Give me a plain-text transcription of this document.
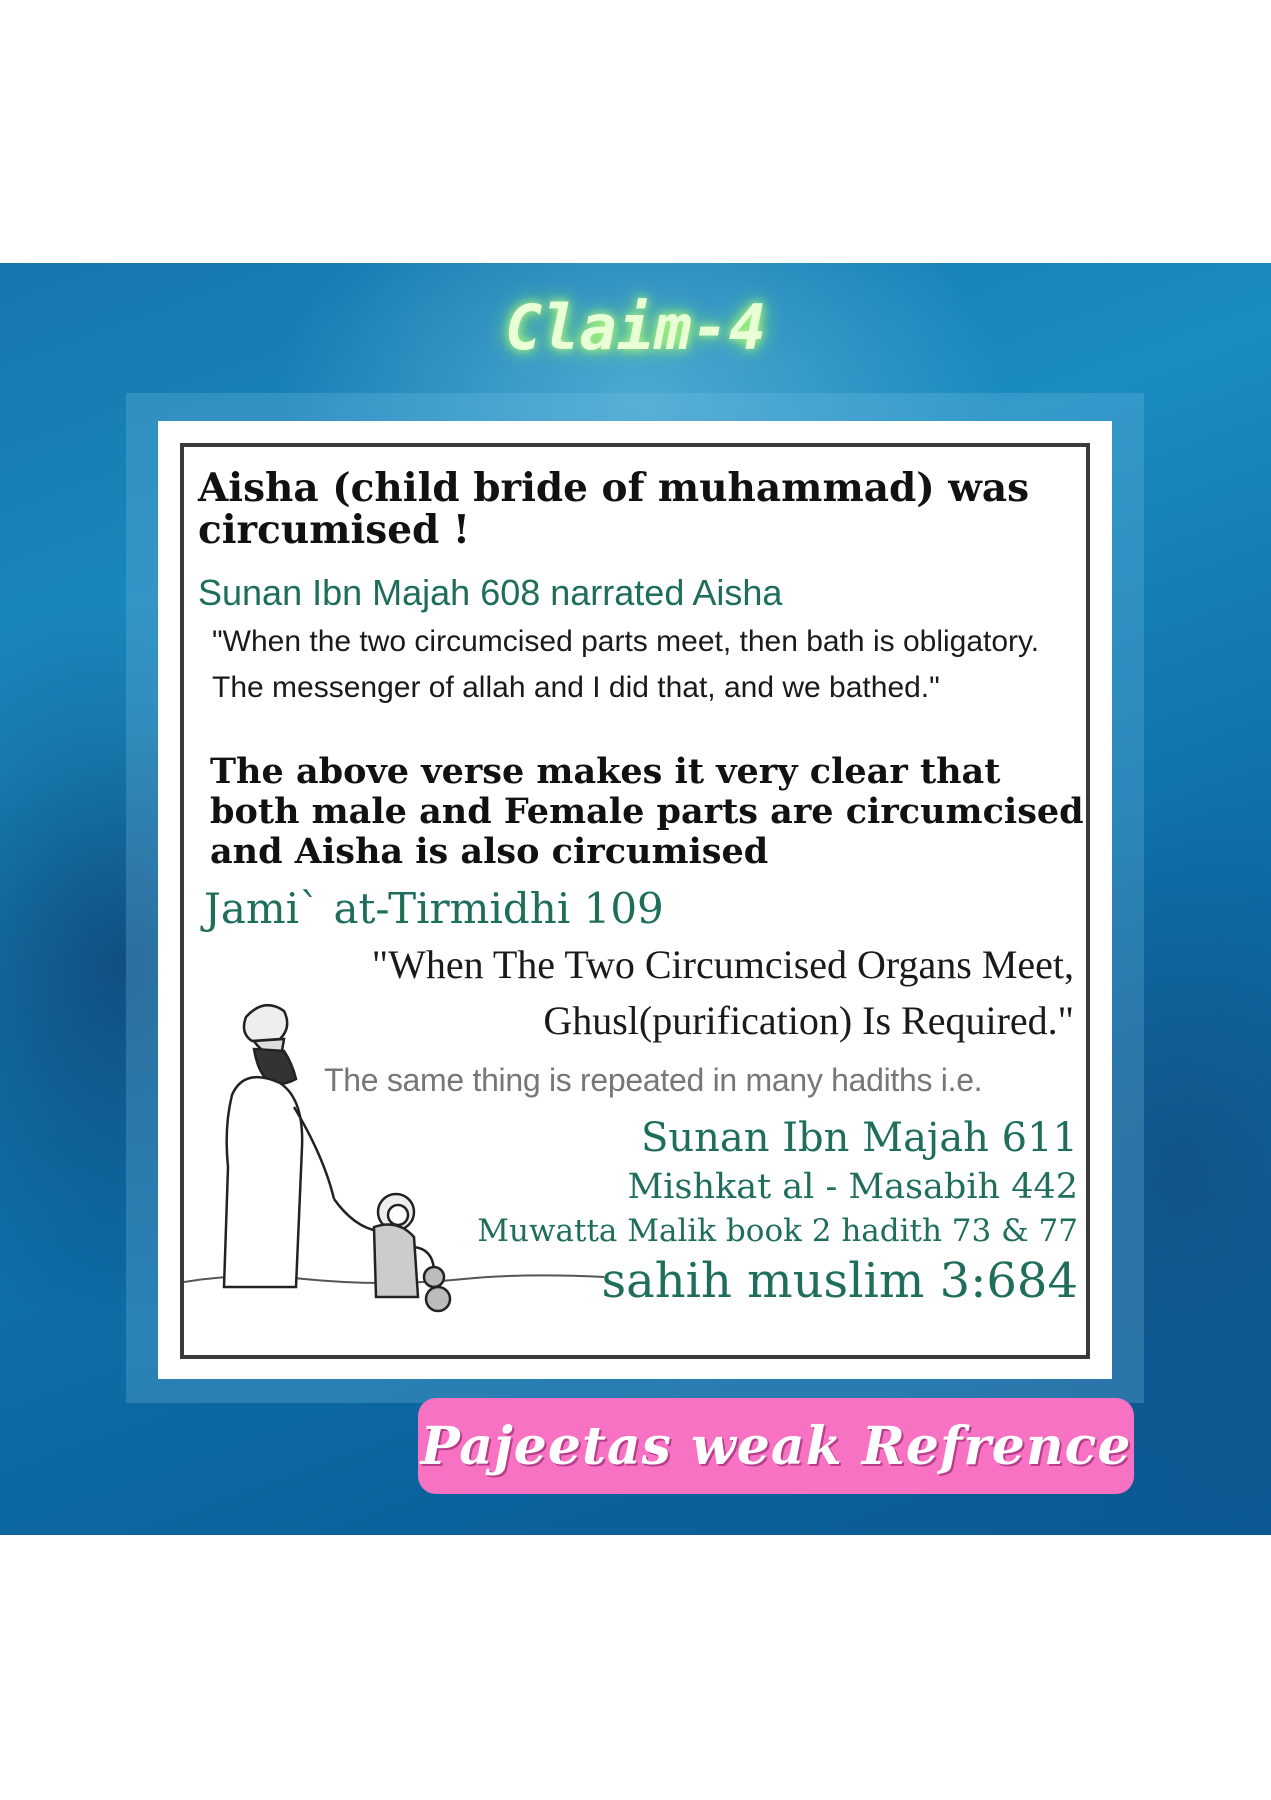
Claim-4

Aisha (child bride of muhammad) was circumised !

Sunan Ibn Majah 608 narrated Aisha

"When the two circumcised parts meet, then bath is obligatory. The messenger of allah and I did that, and we bathed."

The above verse makes it very clear that both male and Female parts are circumcised and Aisha is also circumised

Jami` at-Tirmidhi 109

"When The Two Circumcised Organs Meet, Ghusl(purification) Is Required."

The same thing is repeated in many hadiths i.e.

Sunan Ibn Majah 611
Mishkat al - Masabih 442
Muwatta Malik book 2 hadith 73 & 77
sahih muslim 3:684
Pajeetas weak Refrence
